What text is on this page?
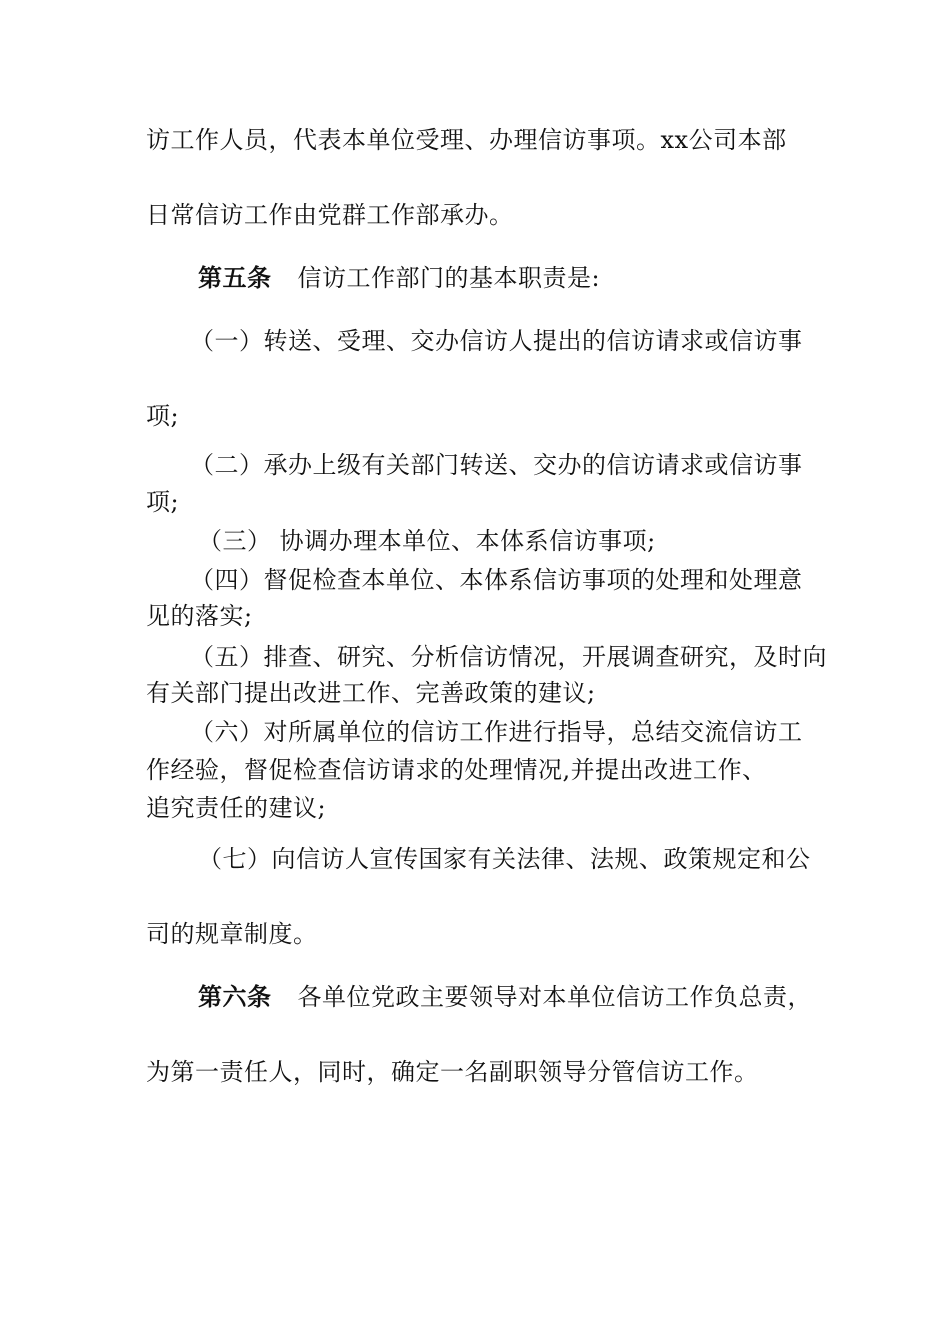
访工作人员，代表本单位受理、办理信访事项。xx公司本部
日常信访工作由党群工作部承办。
第五条 信访工作部门的基本职责是:
（一）转送、受理、交办信访人提出的信访请求或信访事
项;
（二）承办上级有关部门转送、交办的信访请求或信访事
项;
（三） 协调办理本单位、本体系信访事项;
（四）督促检查本单位、本体系信访事项的处理和处理意
见的落实;
（五）排查、研究、分析信访情况，开展调查研究，及时向
有关部门提出改进工作、完善政策的建议;
（六）对所属单位的信访工作进行指导，总结交流信访工
作经验，督促检查信访请求的处理情况,并提出改进工作、
追究责任的建议;
（七）向信访人宣传国家有关法律、法规、政策规定和公
司的规章制度。
第六条 各单位党政主要领导对本单位信访工作负总责，
为第一责任人，同时，确定一名副职领导分管信访工作。
